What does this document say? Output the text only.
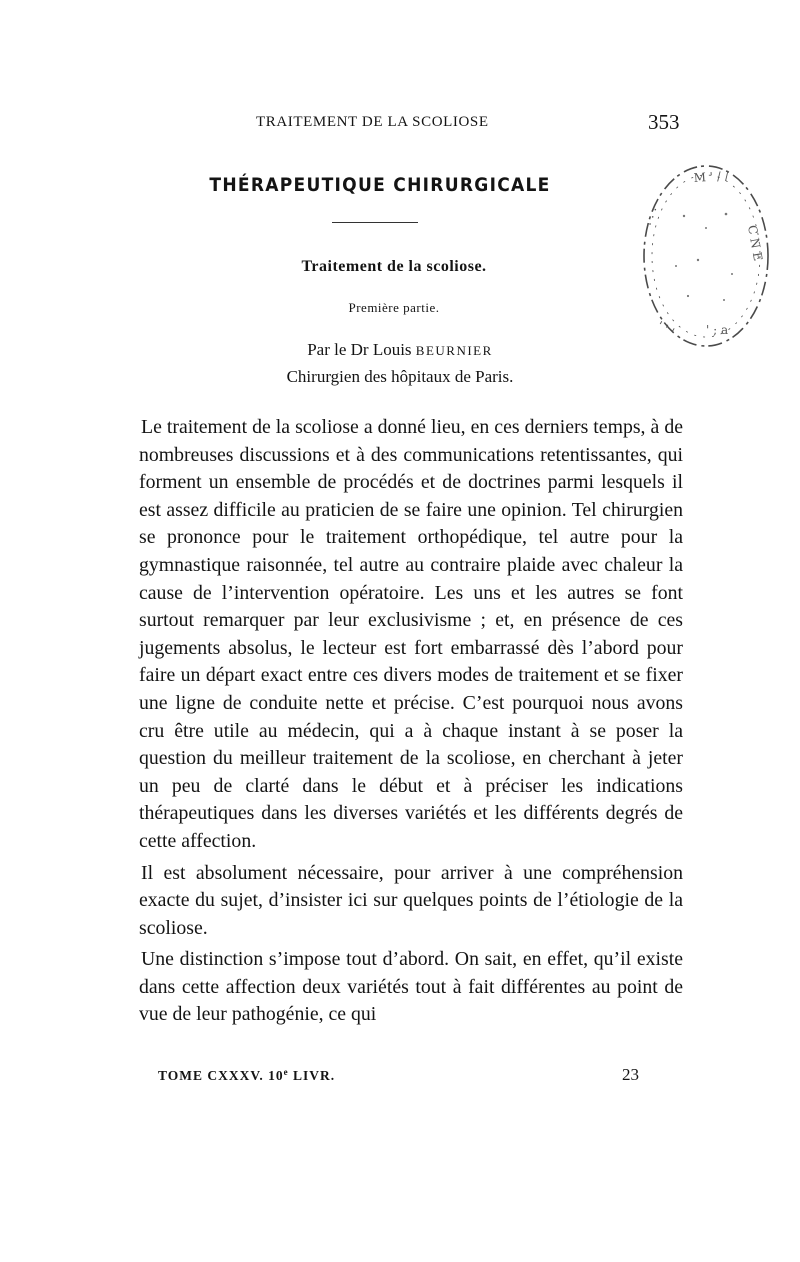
TRAITEMENT DE LA SCOLIOSE	353
THÉRAPEUTIQUE CHIRURGICALE
Traitement de la scoliose.
Première partie.
Par le Dr Louis BEURNIER
Chirurgien des hôpitaux de Paris.

Le traitement de la scoliose a donné lieu, en ces derniers temps, à de nombreuses discussions et à des communications retentissantes, qui forment un ensemble de procédés et de doctrines parmi lesquels il est assez difficile au praticien de se faire une opinion. Tel chirurgien se prononce pour le traitement orthopédique, tel autre pour la gymnastique raisonnée, tel autre au contraire plaide avec chaleur la cause de l’intervention opératoire. Les uns et les autres se font surtout remarquer par leur exclusivisme ; et, en présence de ces jugements absolus, le lecteur est fort embarrassé dès l’abord pour faire un départ exact entre ces divers modes de traitement et se fixer une ligne de conduite nette et précise. C’est pourquoi nous avons cru être utile au médecin, qui a à chaque instant à se poser la question du meilleur traitement de la scoliose, en cherchant à jeter un peu de clarté dans le début et à préciser les indications thérapeutiques dans les diverses variétés et les différents degrés de cette affection.

Il est absolument nécessaire, pour arriver à une compréhension exacte du sujet, d’insister ici sur quelques points de l’étiologie de la scoliose.

Une distinction s’impose tout d’abord. On sait, en effet, qu’il existe dans cette affection deux variétés tout à fait différentes au point de vue de leur pathogénie, ce qui

TOME CXXXV. 10e LIVR.	23
M ' / /
C N E
. . .
' ' ' ' ; a
